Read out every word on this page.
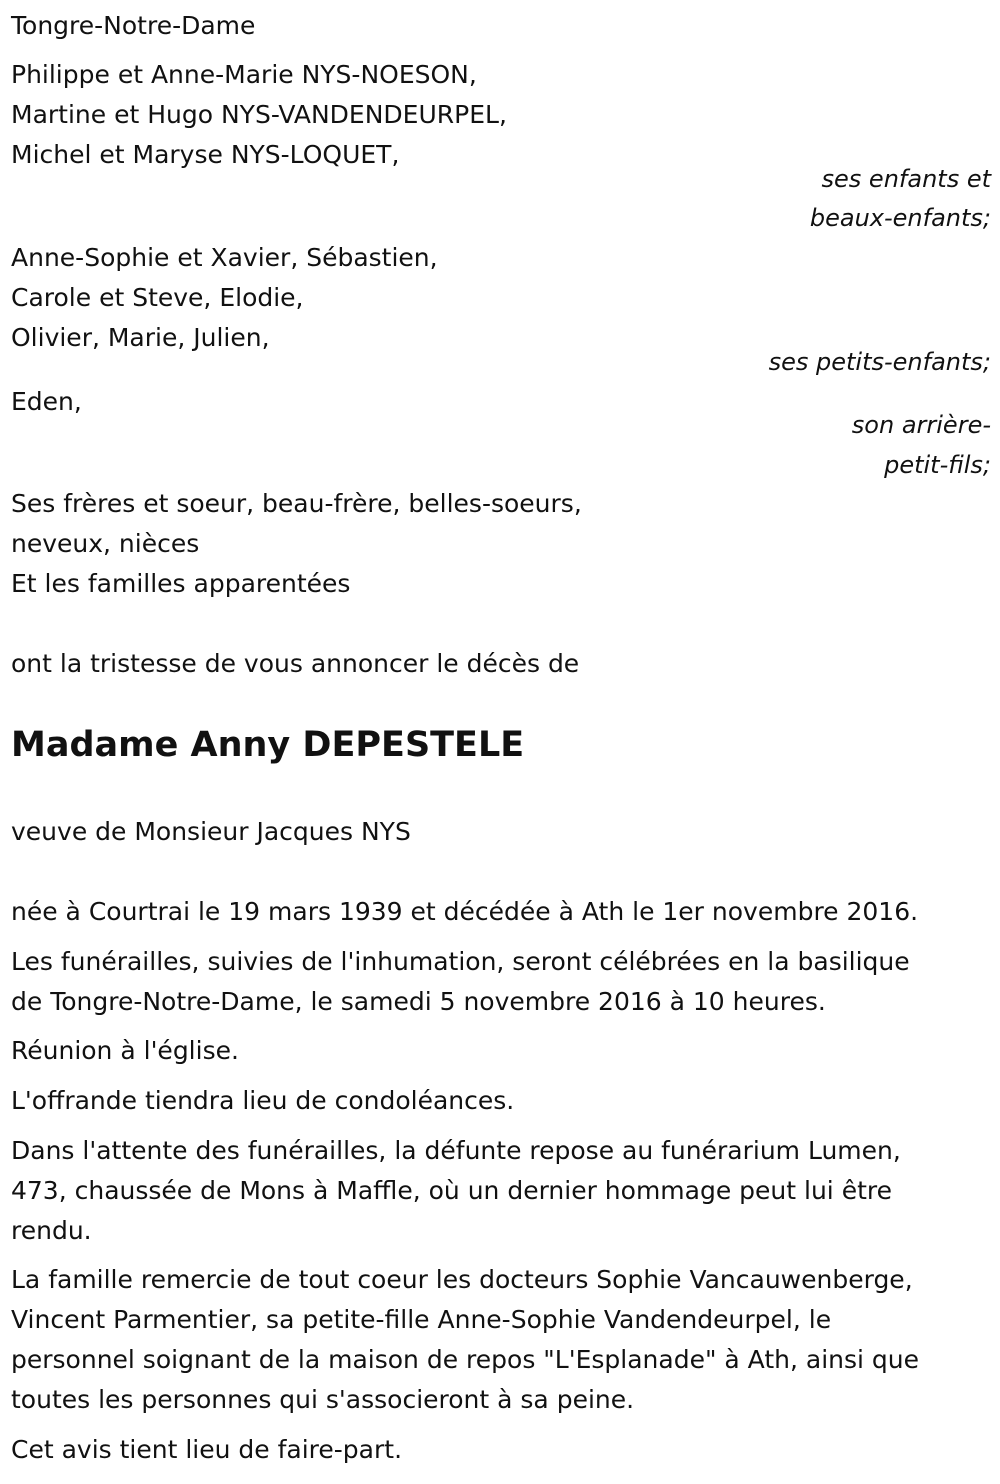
Tongre-Notre-Dame
Philippe et Anne-Marie NYS-NOESON,
Martine et Hugo NYS-VANDENDEURPEL,
Michel et Maryse NYS-LOQUET,
ses enfants et
beaux-enfants;
Anne-Sophie et Xavier, Sébastien,
Carole et Steve, Elodie,
Olivier, Marie, Julien,
ses petits-enfants;
Eden,
son arrière-
petit-fils;
Ses frères et soeur, beau-frère, belles-soeurs,
neveux, nièces
Et les familles apparentées
ont la tristesse de vous annoncer le décès de
Madame Anny DEPESTELE
veuve de Monsieur Jacques NYS
née à Courtrai le 19 mars 1939 et décédée à Ath le 1er novembre 2016.
Les funérailles, suivies de l'inhumation, seront célébrées en la basilique
de Tongre-Notre-Dame, le samedi 5 novembre 2016 à 10 heures.
Réunion à l'église.
L'offrande tiendra lieu de condoléances.
Dans l'attente des funérailles, la défunte repose au funérarium Lumen,
473, chaussée de Mons à Maffle, où un dernier hommage peut lui être
rendu.
La famille remercie de tout coeur les docteurs Sophie Vancauwenberge,
Vincent Parmentier, sa petite-fille Anne-Sophie Vandendeurpel, le
personnel soignant de la maison de repos "L'Esplanade" à Ath, ainsi que
toutes les personnes qui s'associeront à sa peine.
Cet avis tient lieu de faire-part.
